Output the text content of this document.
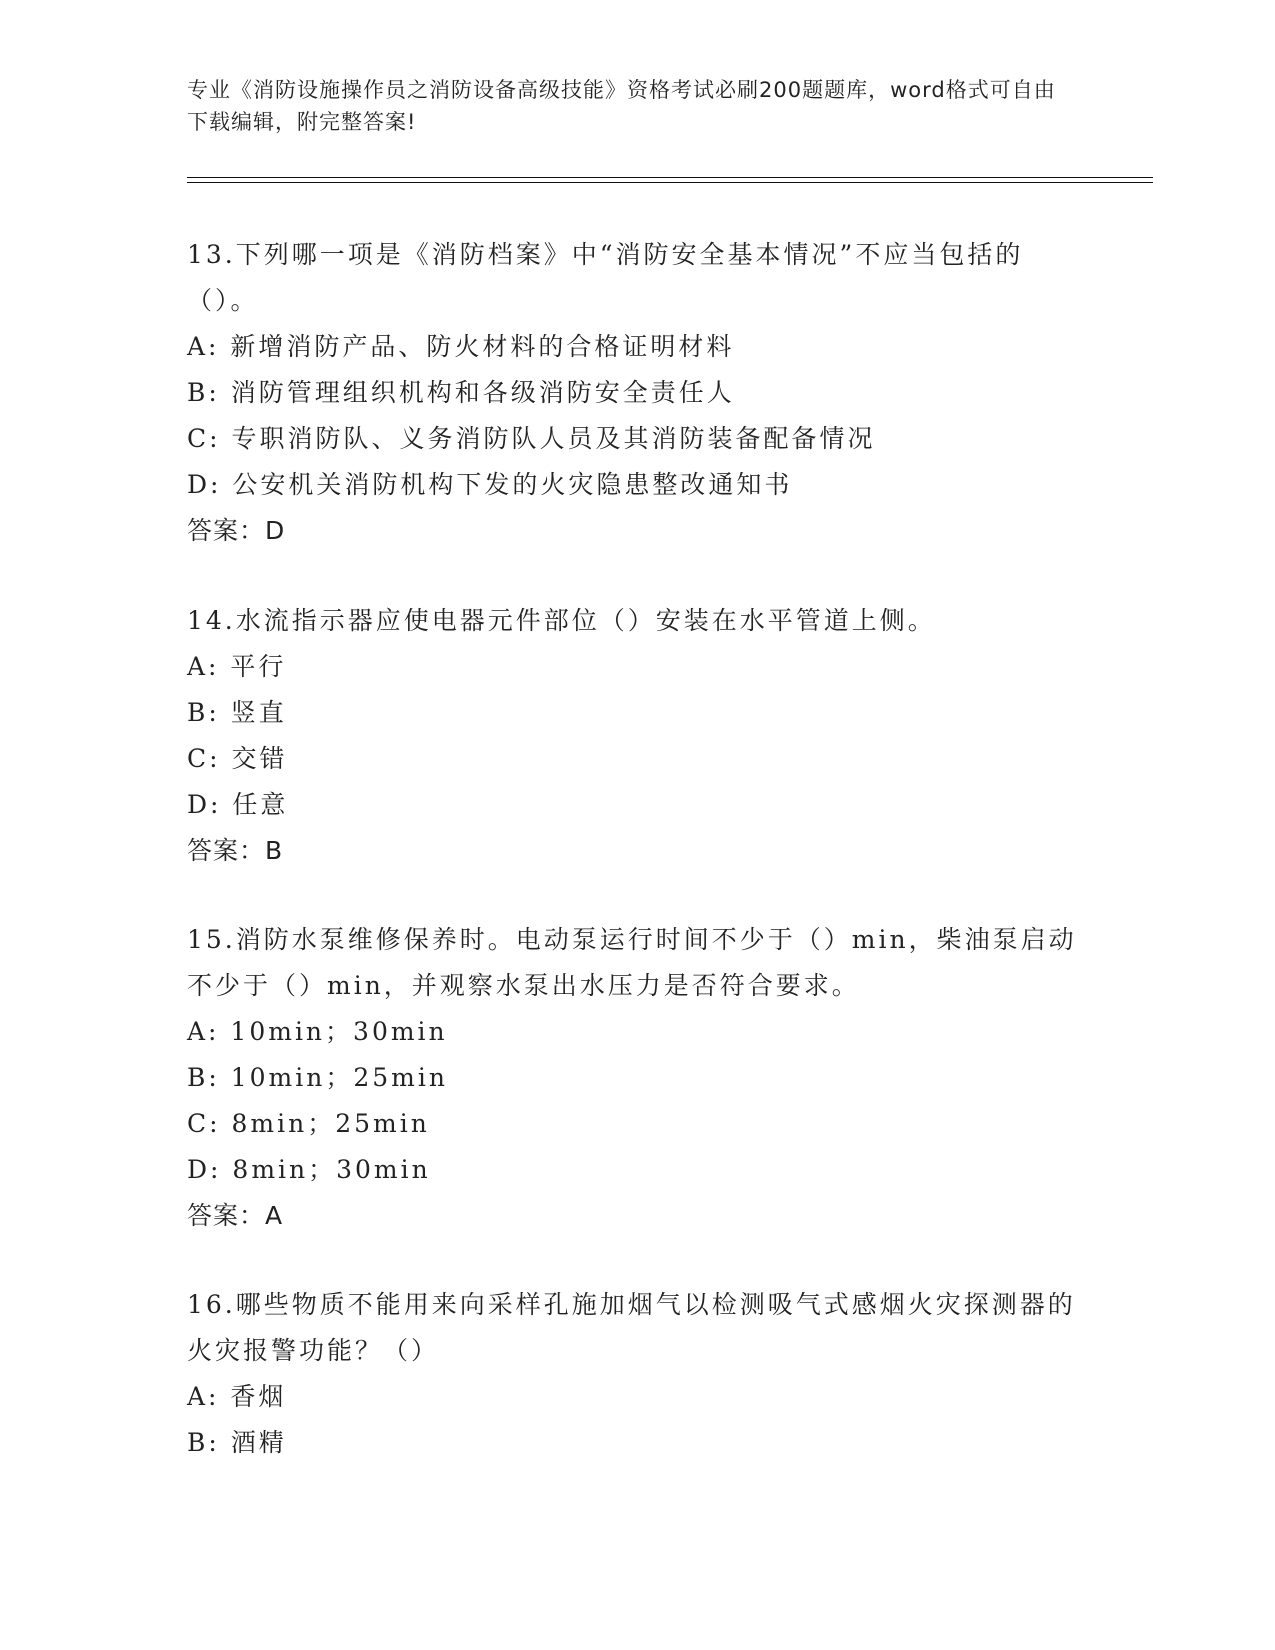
专业《消防设施操作员之消防设备高级技能》资格考试必刷200题题库，word格式可自由下载编辑，附完整答案!

13.下列哪一项是《消防档案》中“消防安全基本情况”不应当包括的（）。

A: 新增消防产品、防火材料的合格证明材料
B: 消防管理组织机构和各级消防安全责任人
C: 专职消防队、义务消防队人员及其消防装备配备情况
D: 公安机关消防机构下发的火灾隐患整改通知书
答案：D

14.水流指示器应使电器元件部位（）安装在水平管道上侧。

A: 平行
B: 竖直
C: 交错
D: 任意
答案：B

15.消防水泵维修保养时。电动泵运行时间不少于（）min，柴油泵启动不少于（）min，并观察水泵出水压力是否符合要求。

A: 10min；30min
B: 10min；25min
C: 8min；25min
D: 8min；30min
答案：A

16.哪些物质不能用来向采样孔施加烟气以检测吸气式感烟火灾探测器的火灾报警功能？（）

A: 香烟
B: 酒精
